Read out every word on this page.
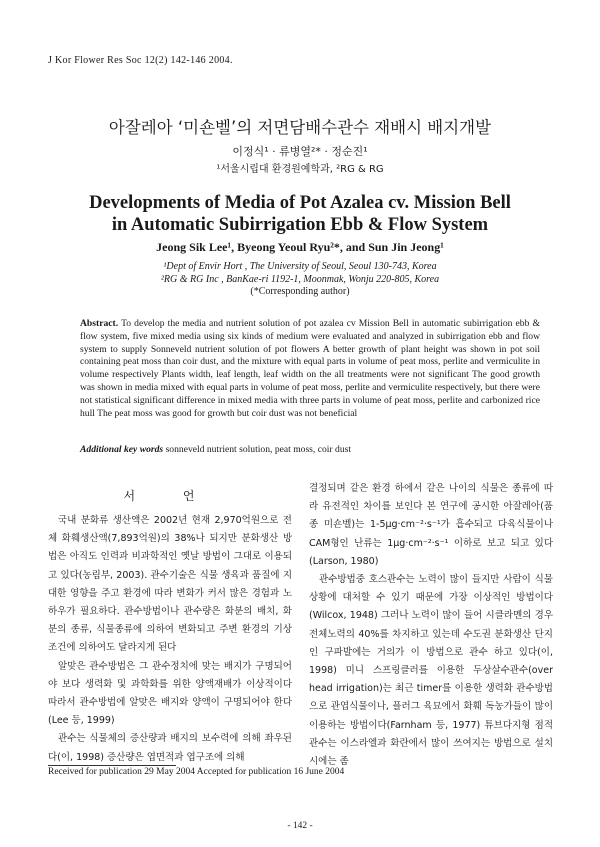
J Kor Flower Res Soc 12(2) 142-146 2004.
아잘레아 ‘미숀벨’의 저면담배수관수 재배시 배지개발
이정식¹ · 류병열²* · 정순진¹
¹서울시립대 환경원예학과, ²RG & RG
Developments of Media of Pot Azalea cv. Mission Bell
in Automatic Subirrigation Ebb & Flow System
Jeong Sik Lee¹, Byeong Yeoul Ryu²*, and Sun Jin Jeong¹
¹Dept of Envir Hort , The University of Seoul, Seoul 130-743, Korea
²RG & RG Inc , BanKae-ri 1192-1, Moonmak, Wonju 220-805, Korea
(*Corresponding author)
Abstract. To develop the media and nutrient solution of pot azalea cv Mission Bell in automatic subirrigation ebb & flow system, five mixed media using six kinds of medium were evaluated and analyzed in subirrigation ebb and flow system to supply Sonneveld nutrient solution of pot flowers A better growth of plant height was shown in pot soil containing peat moss than coir dust, and the mixture with equal parts in volume of peat moss, perlite and vermiculite in volume respectively Plants width, leaf length, leaf width on the all treatments were not significant The good growth was shown in media mixed with equal parts in volume of peat moss, perlite and vermiculite respectively, but there were not statistical significant difference in mixed media with three parts in volume of peat moss, perlite and carbonized rice hull The peat moss was good for growth but coir dust was not beneficial
Additional key words sonneveld nutrient solution, peat moss, coir dust
서 언

국내 분화류 생산액은 2002년 현재 2,970억원으로 전체 화훼생산액(7,893억원)의 38%나 되지만 분화생산 방법은 아직도 인력과 비과학적인 옛날 방법이 그대로 이용되고 있다(농림부, 2003). 관수기술은 식물 생육과 품질에 지대한 영향을 주고 환경에 따라 변화가 커서 많은 경험과 노하우가 필요하다. 관수방법이나 관수량은 화분의 배치, 화분의 종류, 식물종류에 의하여 변화되고 주변 환경의 기상조건에 의하여도 달라지게 된다

알맞은 관수방법은 그 관수정치에 맞는 배지가 구명되어야 보다 생력화 및 과학화를 위한 양액재배가 이상적이다 따라서 관수방법에 알맞은 배지와 양액이 구명되어야 한다(Lee 등, 1999)

관수는 식물체의 증산량과 배지의 보수력에 의해 좌우된다(이, 1998) 증산량은 엽면적과 엽구조에 의해

결정되며 같은 환경 하에서 같은 나이의 식물은 종류에 따라 유전적인 차이를 보인다 본 연구에 공시한 아잘레아(품종 미숀벨)는 1-5μg·cm⁻²·s⁻¹가 흡수되고 다육식물이나 CAM형인 난류는 1μg·cm⁻²·s⁻¹ 이하로 보고 되고 있다(Larson, 1980)

관수방법중 호스관수는 노력이 많이 들지만 사람이 식물상황에 대처할 수 있기 때문에 가장 이상적인 방법이다(Wilcox, 1948) 그러나 노력이 많이 들어 시클라멘의 경우 전체노력의 40%를 차지하고 있는데 수도권 분화생산 단지인 구파발에는 거의가 이 방법으로 관수 하고 있다(이, 1998) 미니 스프링클러를 이용한 두상살수관수(over head irrigation)는 최근 timer를 이용한 생력화 관수방법으로 관엽식물이나, 플러그 육묘에서 화훼 독농가들이 많이 이용하는 방법이다(Farnham 등, 1977) 튜브다지형 점적관수는 이스라엘과 화란에서 많이 쓰여지는 방법으로 설치시에는 좀

Received for publication 29 May 2004 Accepted for publication 16 June 2004
- 142 -
